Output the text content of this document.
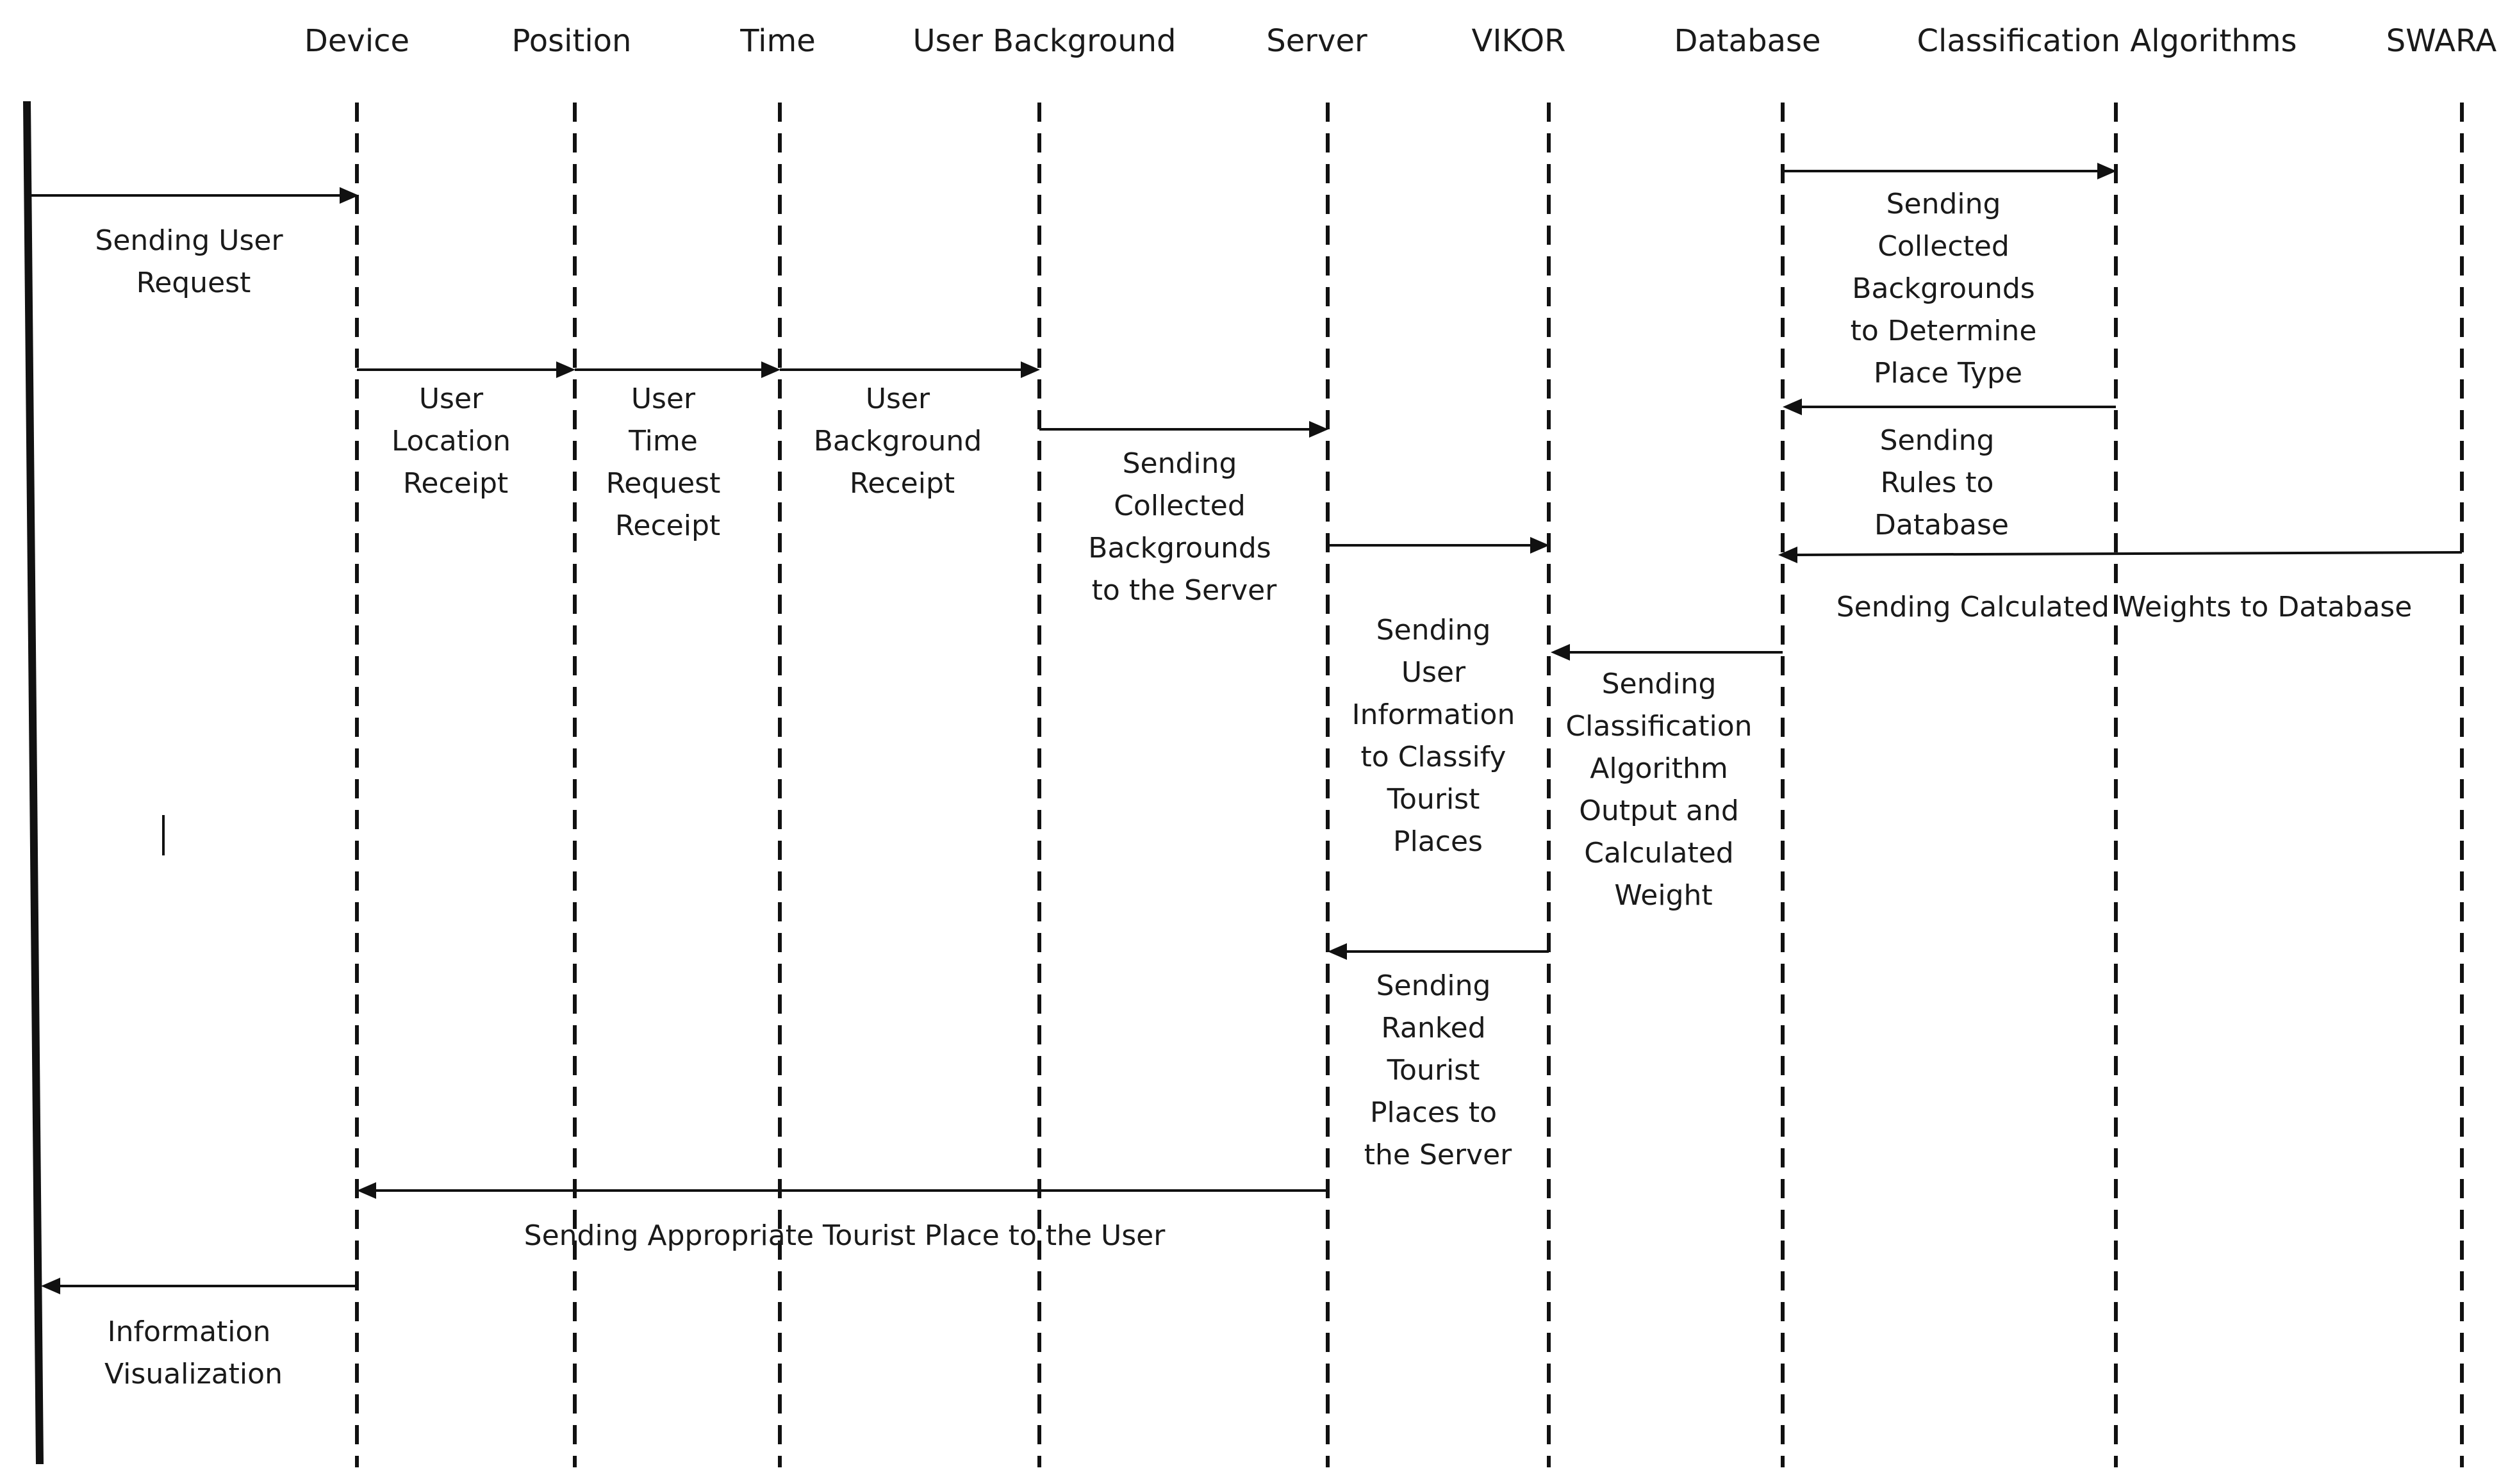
Device	Position	Time	User Background	Server	VIKOR	Database	Classification Algorithms	SWARA
Sending User Request
User Location Receipt
User Time Request Receipt
User Background Receipt
Sending Collected Backgrounds to the Server
Sending Collected Backgrounds to Determine Place Type
Sending Rules to Database
Sending Calculated Weights to Database
Sending User Information to Classify Tourist Places
Sending Classification Algorithm Output and Calculated Weight
Sending Ranked Tourist Places to the Server
Sending Appropriate Tourist Place to the User
Information Visualization
